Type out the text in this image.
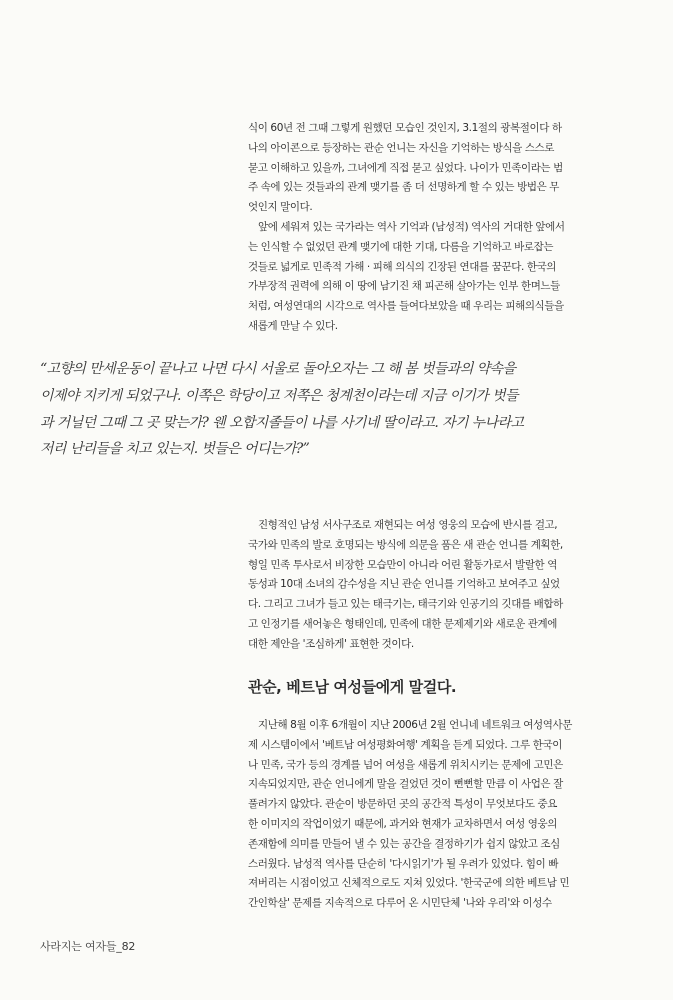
식이 60년 전 그때 그렇게 원했던 모습인 것인지, 3.1절의 광복절이다 하
나의 아이콘으로 등장하는 관순 언니는 자신을 기억하는 방식을 스스로
묻고 이해하고 있을까, 그녀에게 직접 묻고 싶었다. 나이가 민족이라는 범
주 속에 있는 것들과의 관계 맺기를 좀 더 선명하게 할 수 있는 방법은 무
엇인지 말이다.
앞에 세워져 있는 국가라는 역사 기억과 (남성적) 역사의 거대한 앞에서
는 인식할 수 없었던 관계 맺기에 대한 기대, 다름을 기억하고 바로잡는
것들로 넓게로 민족적 가해 · 피해 의식의 긴장된 연대를 꿈꾼다. 한국의
가부장적 권력에 의해 이 땅에 남기진 채 피곤해 살아가는 인부 한며느들
처럼, 여성연대의 시각으로 역사를 들여다보았을 때 우리는 피해의식들을
새롭게 만날 수 있다.
“고향의 만세운동이 끝나고 나면 다시 서울로 돌아오자는 그 해 봄 벗들과의 약속을
이제야 지키게 되었구나. 이쪽은 학당이고 저쪽은 청계천이라는데 지금 이기가 벗들
과 거닐던 그때 그 곳 맞는가? 웬 오합지졸들이 나를 사기네 딸이라고. 자기 누나라고
저리 난리들을 치고 있는지. 벗들은 어디는가?”
진형적인 남성 서사구조로 재현되는 여성 영웅의 모습에 반시를 걸고,
국가와 민족의 발로 호명되는 방식에 의문을 품은 새 관순 언니를 계획한,
형일 민족 투사로서 비장한 모습만이 아니라 어린 활동가로서 발랄한 역
동성과 10대 소녀의 감수성을 지닌 관순 언니를 기억하고 보여주고 싶었
다. 그리고 그녀가 들고 있는 태극기는, 태극기와 인공기의 깃대를 배합하
고 인정기를 새어놓은 형태인데, 민족에 대한 문제제기와 새로운 관계에
대한 제안을 '조심하게' 표현한 것이다.
관순, 베트남 여성들에게 말걸다.
지난해 8월 이후 6개월이 지난 2006년 2월 언니네 네트워크 여성역사문
제 시스템이에서 '베트남 여성평화여행' 계획을 듣게 되었다. 그루 한국이
나 민족, 국가 등의 경계를 넘어 여성을 새롭게 위치시키는 문제에 고민은
지속되었지만, 관순 언니에게 말을 걸었던 것이 뻔뻔할 만큼 이 사업은 잘
풀려가지 않았다. 관순이 방문하던 곳의 공간적 특성이 무엇보다도 중요
한 이미지의 작업이었기 때문에, 과거와 현재가 교차하면서 여성 영웅의
존재함에 의미를 만들어 낼 수 있는 공간을 결정하기가 쉽지 않았고 조심
스러웠다. 남성적 역사를 단순히 '다시읽기'가 될 우려가 있었다. 힘이 빠
져버리는 시점이었고 신체적으로도 지쳐 있었다. '한국군에 의한 베트남 민
간인학살' 문제를 지속적으로 다루어 온 시민단체 '나와 우리'와 이성수
사라지는 여자들_82
